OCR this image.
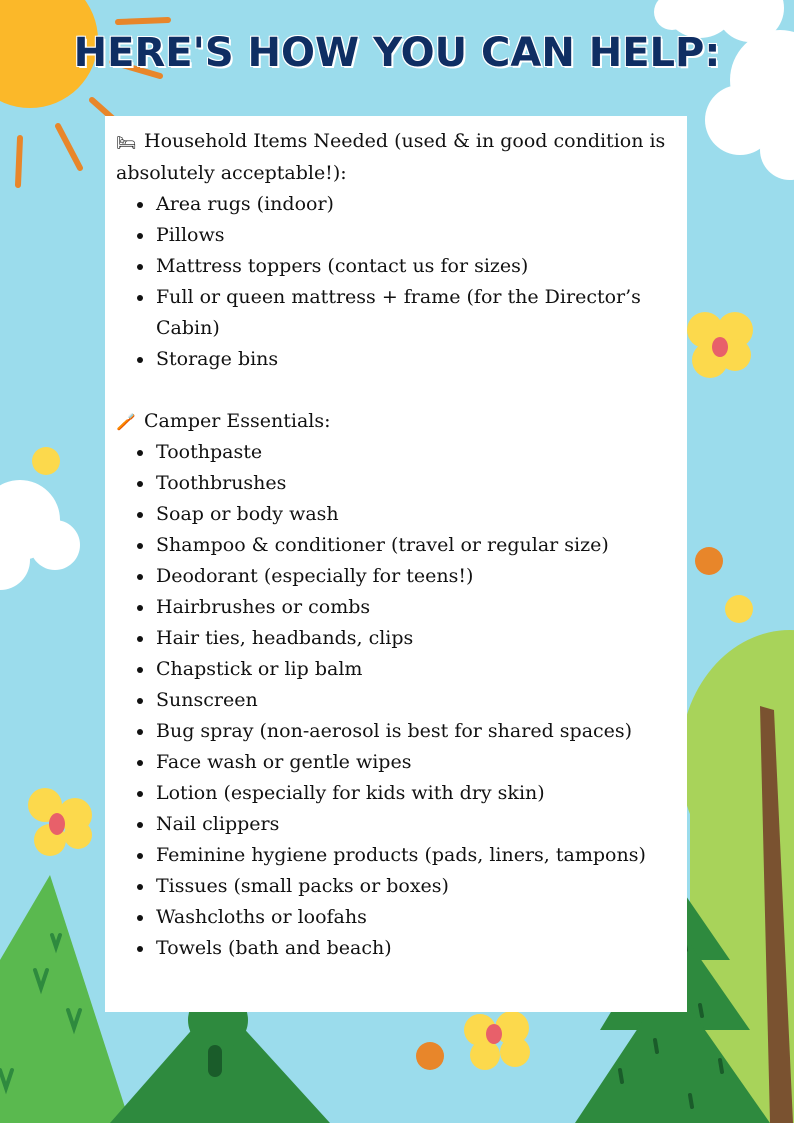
HERE'S HOW YOU CAN HELP:
🛏 Household Items Needed (used & in good condition is absolutely acceptable!):
• Area rugs (indoor)
• Pillows
• Mattress toppers (contact us for sizes)
• Full or queen mattress + frame (for the Director’s Cabin)
• Storage bins
🪥 Camper Essentials:
• Toothpaste
• Toothbrushes
• Soap or body wash
• Shampoo & conditioner (travel or regular size)
• Deodorant (especially for teens!)
• Hairbrushes or combs
• Hair ties, headbands, clips
• Chapstick or lip balm
• Sunscreen
• Bug spray (non-aerosol is best for shared spaces)
• Face wash or gentle wipes
• Lotion (especially for kids with dry skin)
• Nail clippers
• Feminine hygiene products (pads, liners, tampons)
• Tissues (small packs or boxes)
• Washcloths or loofahs
• Towels (bath and beach)
